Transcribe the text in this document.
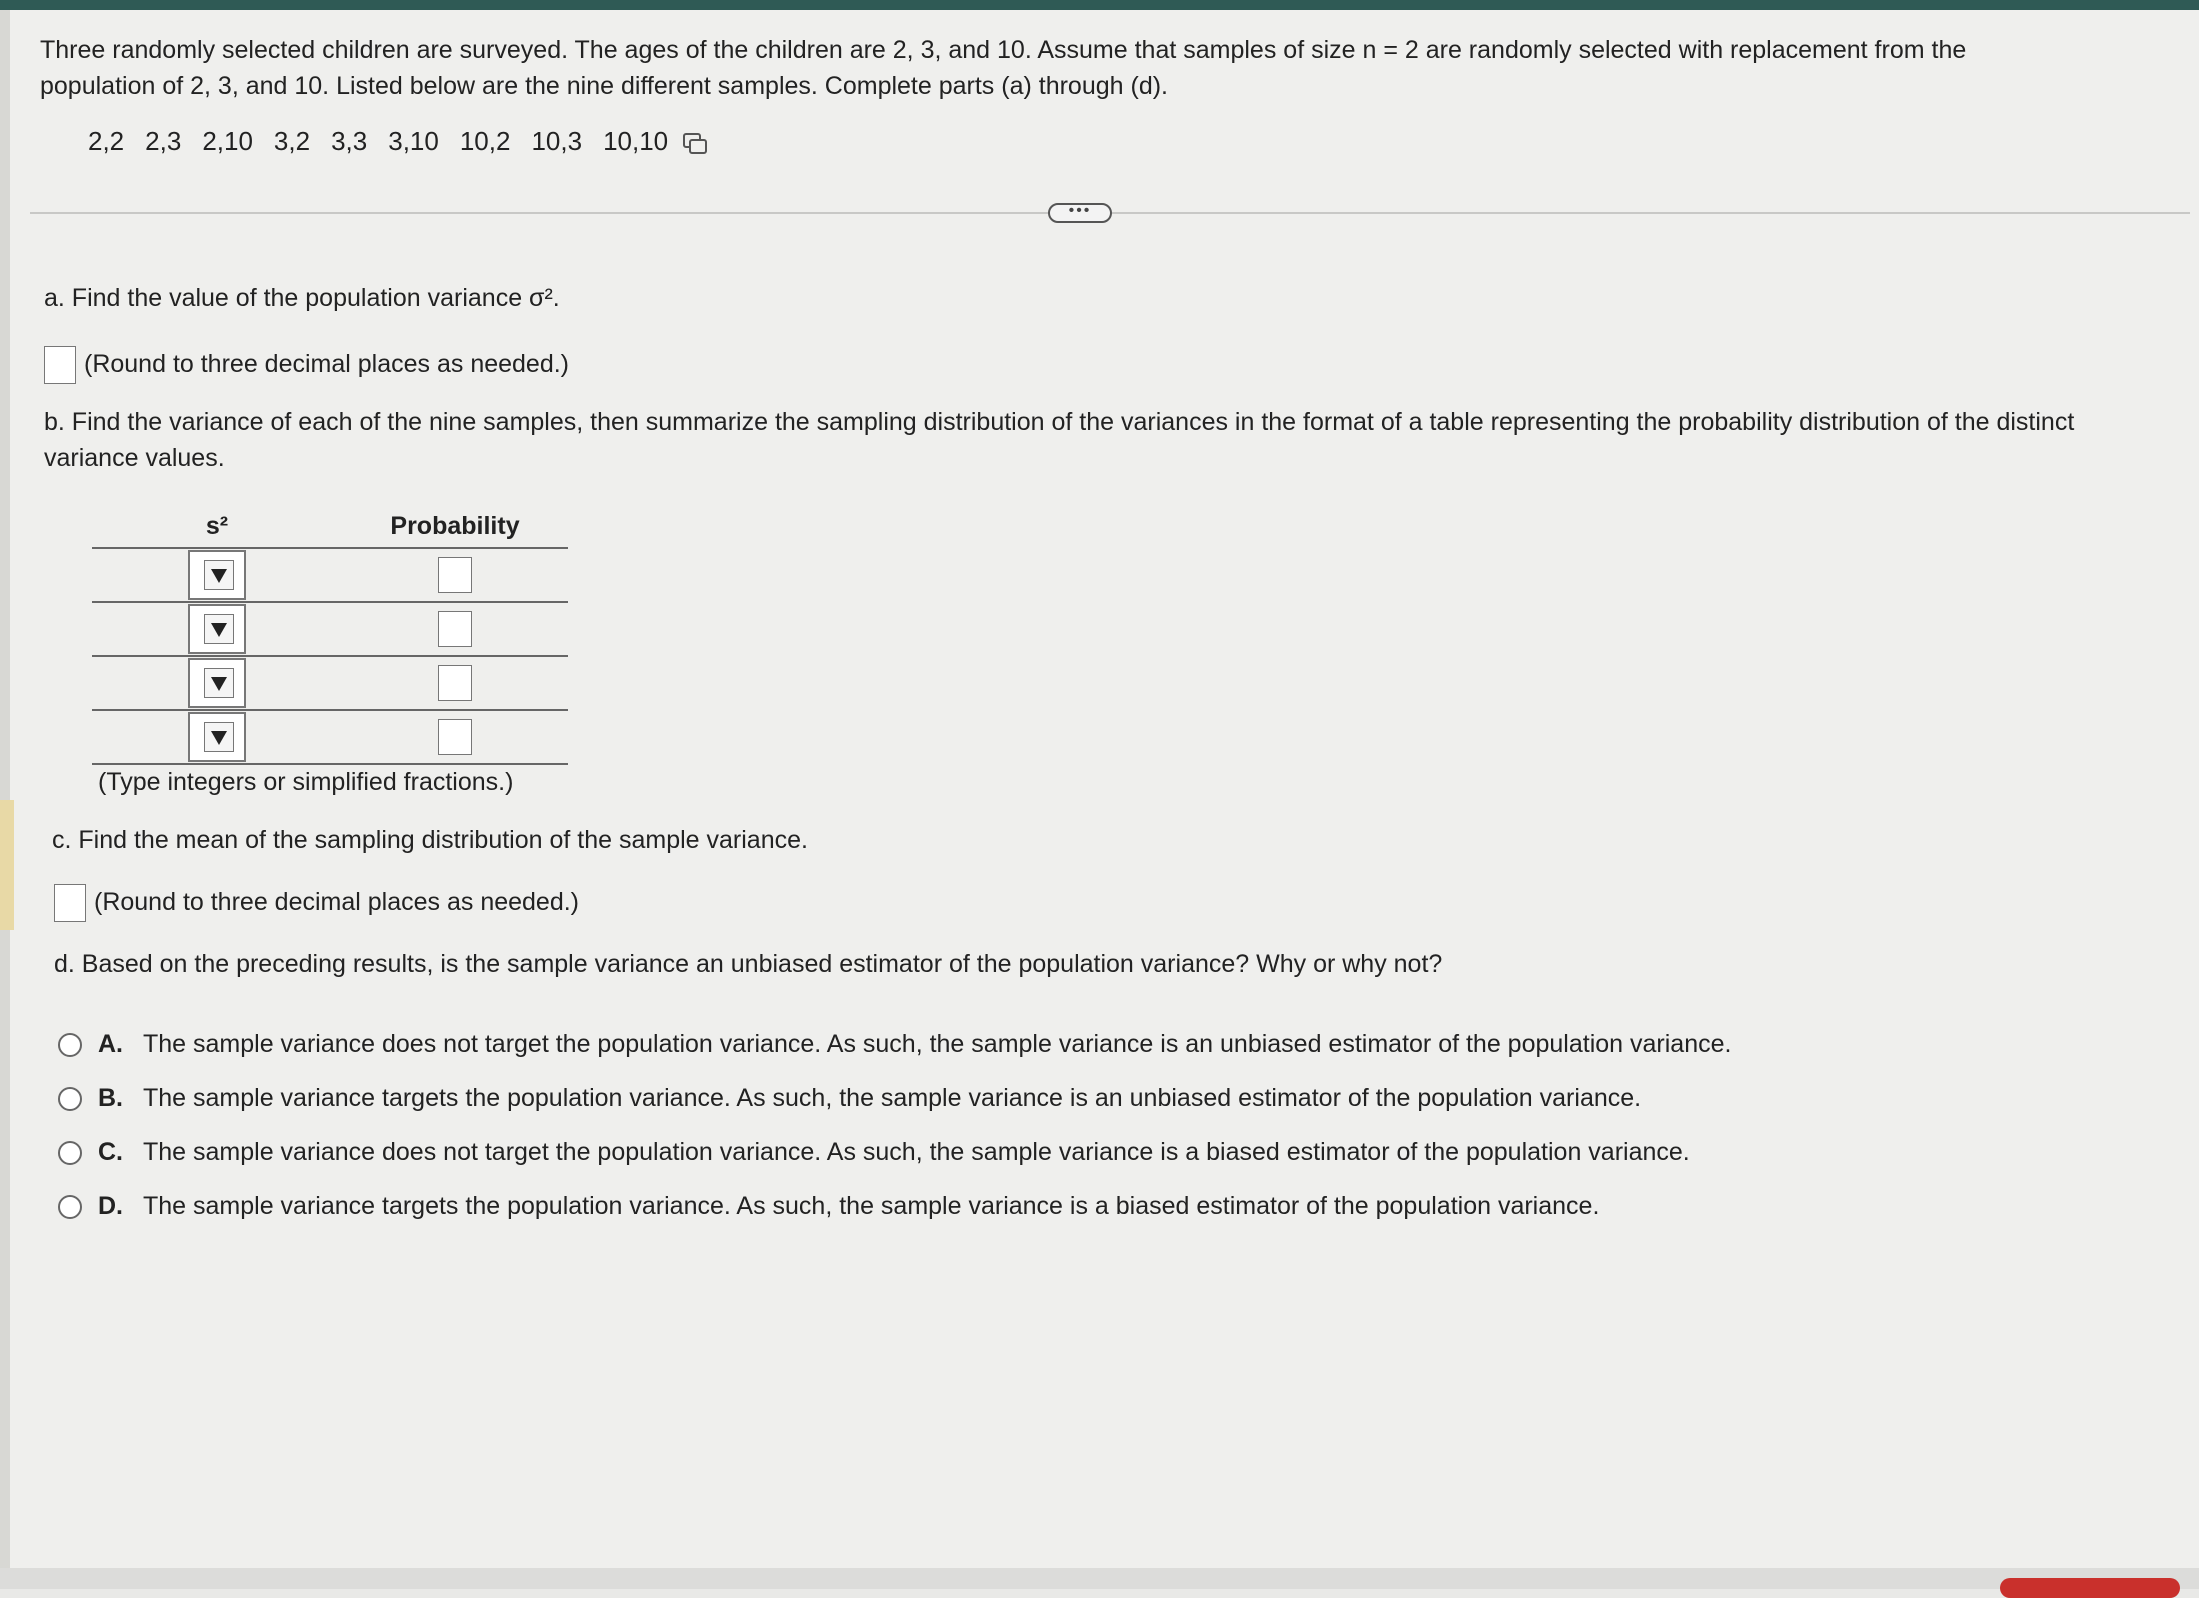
Three randomly selected children are surveyed. The ages of the children are 2, 3, and 10. Assume that samples of size n = 2 are randomly selected with replacement from the population of 2, 3, and 10. Listed below are the nine different samples. Complete parts (a) through (d).
2,2 2,3 2,10 3,2 3,3 3,10 10,2 10,3 10,10
•••
a. Find the value of the population variance σ².
(Round to three decimal places as needed.)
b. Find the variance of each of the nine samples, then summarize the sampling distribution of the variances in the format of a table representing the probability distribution of the distinct variance values.
s²	Probability

(Type integers or simplified fractions.)
c. Find the mean of the sampling distribution of the sample variance.
(Round to three decimal places as needed.)
d. Based on the preceding results, is the sample variance an unbiased estimator of the population variance? Why or why not?
A. The sample variance does not target the population variance. As such, the sample variance is an unbiased estimator of the population variance.
B. The sample variance targets the population variance. As such, the sample variance is an unbiased estimator of the population variance.
C. The sample variance does not target the population variance. As such, the sample variance is a biased estimator of the population variance.
D. The sample variance targets the population variance. As such, the sample variance is a biased estimator of the population variance.
